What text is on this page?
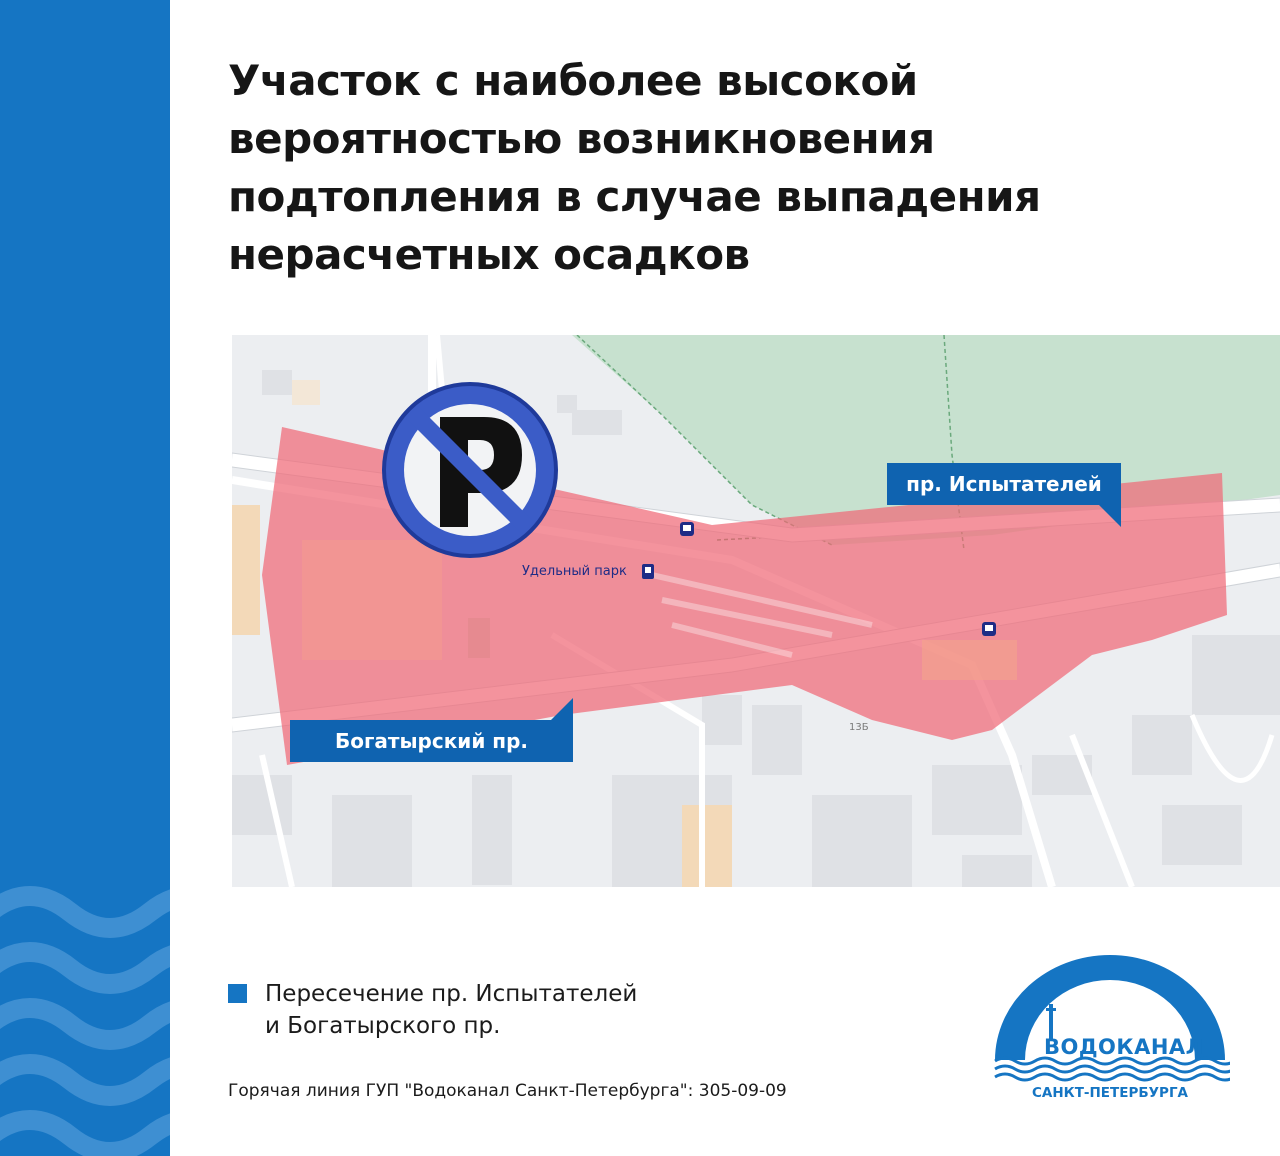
Участок с наиболее высокой
вероятностью возникновения
подтопления в случае выпадения
нерасчетных осадков
Удельный парк
13Б
пр. Испытателей
Богатырский пр.
Пересечение пр. Испытателей
и Богатырского пр.
Горячая линия ГУП "Водоканал Санкт-Петербурга": 305-09-09
ВОДОКАНАЛ
САНКТ-ПЕТЕРБУРГА
